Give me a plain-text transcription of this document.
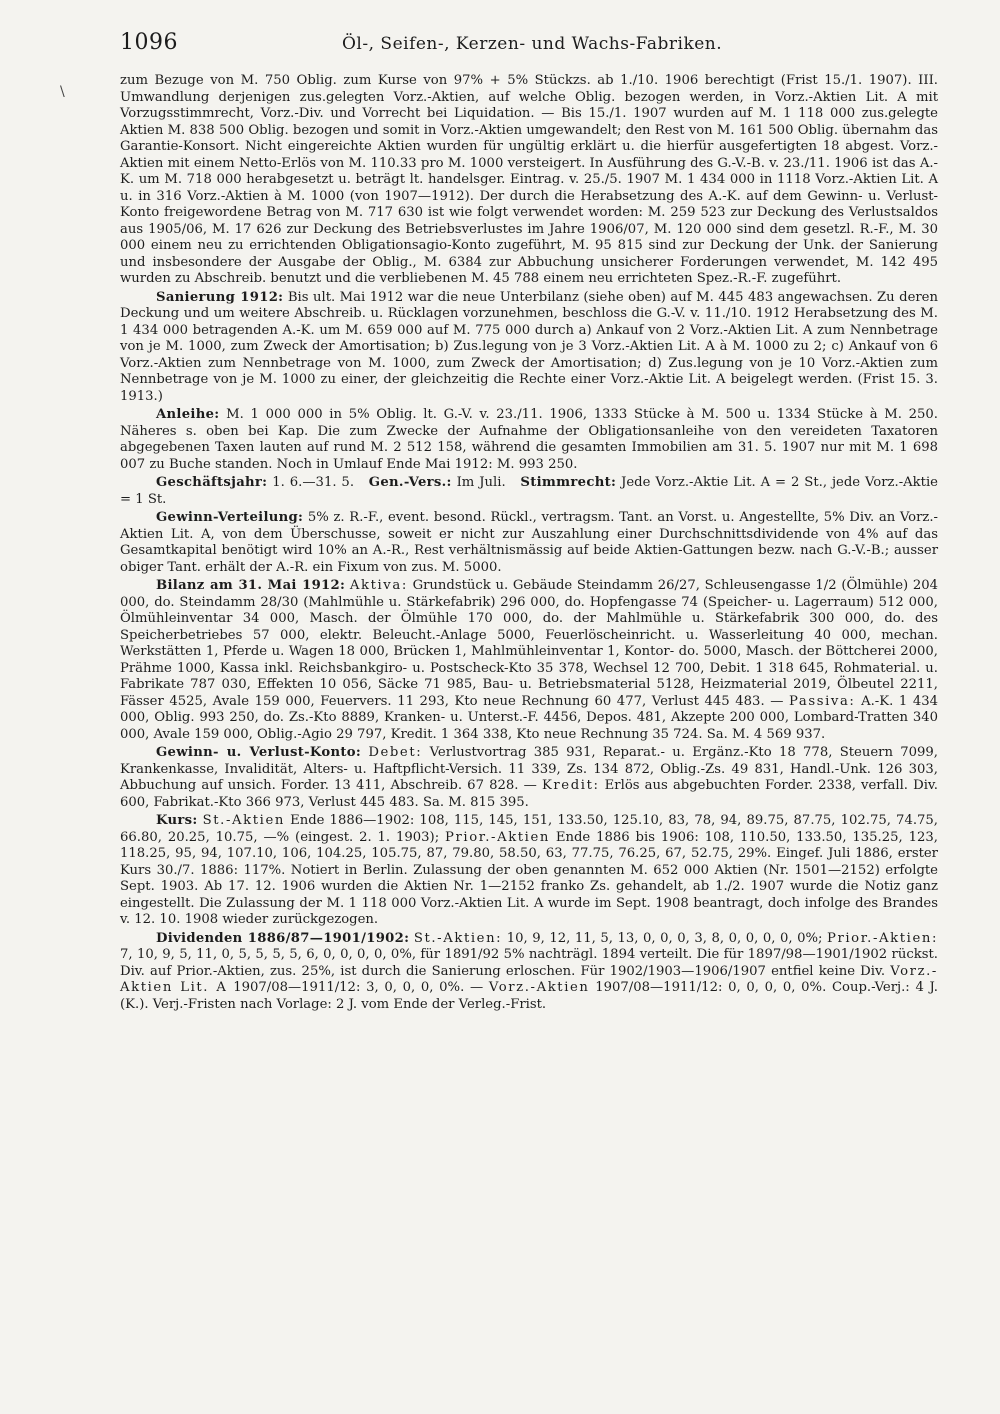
1096	Öl-, Seifen-, Kerzen- und Wachs-Fabriken.
\

zum Bezuge von M. 750 Oblig. zum Kurse von 97% + 5% Stückzs. ab 1./10. 1906 berechtigt (Frist 15./1. 1907). III. Umwandlung derjenigen zus.gelegten Vorz.-Aktien, auf welche Oblig. bezogen werden, in Vorz.-Aktien Lit. A mit Vorzugsstimmrecht, Vorz.-Div. und Vorrecht bei Liquidation. — Bis 15./1. 1907 wurden auf M. 1 118 000 zus.gelegte Aktien M. 838 500 Oblig. bezogen und somit in Vorz.-Aktien umgewandelt; den Rest von M. 161 500 Oblig. übernahm das Garantie-Konsort. Nicht eingereichte Aktien wurden für ungültig erklärt u. die hierfür ausgefertigten 18 abgest. Vorz.-Aktien mit einem Netto-Erlös von M. 110.33 pro M. 1000 versteigert. In Ausführung des G.-V.-B. v. 23./11. 1906 ist das A.-K. um M. 718 000 herabgesetzt u. beträgt lt. handelsger. Eintrag. v. 25./5. 1907 M. 1 434 000 in 1118 Vorz.-Aktien Lit. A u. in 316 Vorz.-Aktien à M. 1000 (von 1907—1912). Der durch die Herabsetzung des A.-K. auf dem Gewinn- u. Verlust-Konto freigewordene Betrag von M. 717 630 ist wie folgt verwendet worden: M. 259 523 zur Deckung des Verlustsaldos aus 1905/06, M. 17 626 zur Deckung des Betriebsverlustes im Jahre 1906/07, M. 120 000 sind dem gesetzl. R.-F., M. 30 000 einem neu zu errichtenden Obligationsagio-Konto zugeführt, M. 95 815 sind zur Deckung der Unk. der Sanierung und insbesondere der Ausgabe der Oblig., M. 6384 zur Abbuchung unsicherer Forderungen verwendet, M. 142 495 wurden zu Abschreib. benutzt und die verbliebenen M. 45 788 einem neu errichteten Spez.-R.-F. zugeführt.

Sanierung 1912: Bis ult. Mai 1912 war die neue Unterbilanz (siehe oben) auf M. 445 483 angewachsen. Zu deren Deckung und um weitere Abschreib. u. Rücklagen vorzunehmen, beschloss die G.-V. v. 11./10. 1912 Herabsetzung des M. 1 434 000 betragenden A.-K. um M. 659 000 auf M. 775 000 durch a) Ankauf von 2 Vorz.-Aktien Lit. A zum Nennbetrage von je M. 1000, zum Zweck der Amortisation; b) Zus.legung von je 3 Vorz.-Aktien Lit. A à M. 1000 zu 2; c) Ankauf von 6 Vorz.-Aktien zum Nennbetrage von M. 1000, zum Zweck der Amortisation; d) Zus.legung von je 10 Vorz.-Aktien zum Nennbetrage von je M. 1000 zu einer, der gleichzeitig die Rechte einer Vorz.-Aktie Lit. A beigelegt werden. (Frist 15. 3. 1913.)

Anleihe: M. 1 000 000 in 5% Oblig. lt. G.-V. v. 23./11. 1906, 1333 Stücke à M. 500 u. 1334 Stücke à M. 250. Näheres s. oben bei Kap. Die zum Zwecke der Aufnahme der Obligationsanleihe von den vereideten Taxatoren abgegebenen Taxen lauten auf rund M. 2 512 158, während die gesamten Immobilien am 31. 5. 1907 nur mit M. 1 698 007 zu Buche standen. Noch in Umlauf Ende Mai 1912: M. 993 250.

Geschäftsjahr: 1. 6.—31. 5. Gen.-Vers.: Im Juli. Stimmrecht: Jede Vorz.-Aktie Lit. A = 2 St., jede Vorz.-Aktie = 1 St.

Gewinn-Verteilung: 5% z. R.-F., event. besond. Rückl., vertragsm. Tant. an Vorst. u. Angestellte, 5% Div. an Vorz.-Aktien Lit. A, von dem Überschusse, soweit er nicht zur Auszahlung einer Durchschnittsdividende von 4% auf das Gesamtkapital benötigt wird 10% an A.-R., Rest verhältnismässig auf beide Aktien-Gattungen bezw. nach G.-V.-B.; ausser obiger Tant. erhält der A.-R. ein Fixum von zus. M. 5000.

Bilanz am 31. Mai 1912: Aktiva: Grundstück u. Gebäude Steindamm 26/27, Schleusengasse 1/2 (Ölmühle) 204 000, do. Steindamm 28/30 (Mahlmühle u. Stärkefabrik) 296 000, do. Hopfengasse 74 (Speicher- u. Lagerraum) 512 000, Ölmühleinventar 34 000, Masch. der Ölmühle 170 000, do. der Mahlmühle u. Stärkefabrik 300 000, do. des Speicherbetriebes 57 000, elektr. Beleucht.-Anlage 5000, Feuerlöscheinricht. u. Wasserleitung 40 000, mechan. Werkstätten 1, Pferde u. Wagen 18 000, Brücken 1, Mahlmühleinventar 1, Kontor- do. 5000, Masch. der Böttcherei 2000, Prähme 1000, Kassa inkl. Reichsbankgiro- u. Postscheck-Kto 35 378, Wechsel 12 700, Debit. 1 318 645, Rohmaterial. u. Fabrikate 787 030, Effekten 10 056, Säcke 71 985, Bau- u. Betriebsmaterial 5128, Heizmaterial 2019, Ölbeutel 2211, Fässer 4525, Avale 159 000, Feuervers. 11 293, Kto neue Rechnung 60 477, Verlust 445 483. — Passiva: A.-K. 1 434 000, Oblig. 993 250, do. Zs.-Kto 8889, Kranken- u. Unterst.-F. 4456, Depos. 481, Akzepte 200 000, Lombard-Tratten 340 000, Avale 159 000, Oblig.-Agio 29 797, Kredit. 1 364 338, Kto neue Rechnung 35 724. Sa. M. 4 569 937.

Gewinn- u. Verlust-Konto: Debet: Verlustvortrag 385 931, Reparat.- u. Ergänz.-Kto 18 778, Steuern 7099, Krankenkasse, Invalidität, Alters- u. Haftpflicht-Versich. 11 339, Zs. 134 872, Oblig.-Zs. 49 831, Handl.-Unk. 126 303, Abbuchung auf unsich. Forder. 13 411, Abschreib. 67 828. — Kredit: Erlös aus abgebuchten Forder. 2338, verfall. Div. 600, Fabrikat.-Kto 366 973, Verlust 445 483. Sa. M. 815 395.

Kurs: St.-Aktien Ende 1886—1902: 108, 115, 145, 151, 133.50, 125.10, 83, 78, 94, 89.75, 87.75, 102.75, 74.75, 66.80, 20.25, 10.75, —% (eingest. 2. 1. 1903); Prior.-Aktien Ende 1886 bis 1906: 108, 110.50, 133.50, 135.25, 123, 118.25, 95, 94, 107.10, 106, 104.25, 105.75, 87, 79.80, 58.50, 63, 77.75, 76.25, 67, 52.75, 29%. Eingef. Juli 1886, erster Kurs 30./7. 1886: 117%. Notiert in Berlin. Zulassung der oben genannten M. 652 000 Aktien (Nr. 1501—2152) erfolgte Sept. 1903. Ab 17. 12. 1906 wurden die Aktien Nr. 1—2152 franko Zs. gehandelt, ab 1./2. 1907 wurde die Notiz ganz eingestellt. Die Zulassung der M. 1 118 000 Vorz.-Aktien Lit. A wurde im Sept. 1908 beantragt, doch infolge des Brandes v. 12. 10. 1908 wieder zurückgezogen.

Dividenden 1886/87—1901/1902: St.-Aktien: 10, 9, 12, 11, 5, 13, 0, 0, 0, 3, 8, 0, 0, 0, 0, 0%; Prior.-Aktien: 7, 10, 9, 5, 11, 0, 5, 5, 5, 5, 6, 0, 0, 0, 0, 0%, für 1891/92 5% nachträgl. 1894 verteilt. Die für 1897/98—1901/1902 rückst. Div. auf Prior.-Aktien, zus. 25%, ist durch die Sanierung erloschen. Für 1902/1903—1906/1907 entfiel keine Div. Vorz.-Aktien Lit. A 1907/08—1911/12: 3, 0, 0, 0, 0%. — Vorz.-Aktien 1907/08—1911/12: 0, 0, 0, 0, 0%. Coup.-Verj.: 4 J. (K.). Verj.-Fristen nach Vorlage: 2 J. vom Ende der Verleg.-Frist.
